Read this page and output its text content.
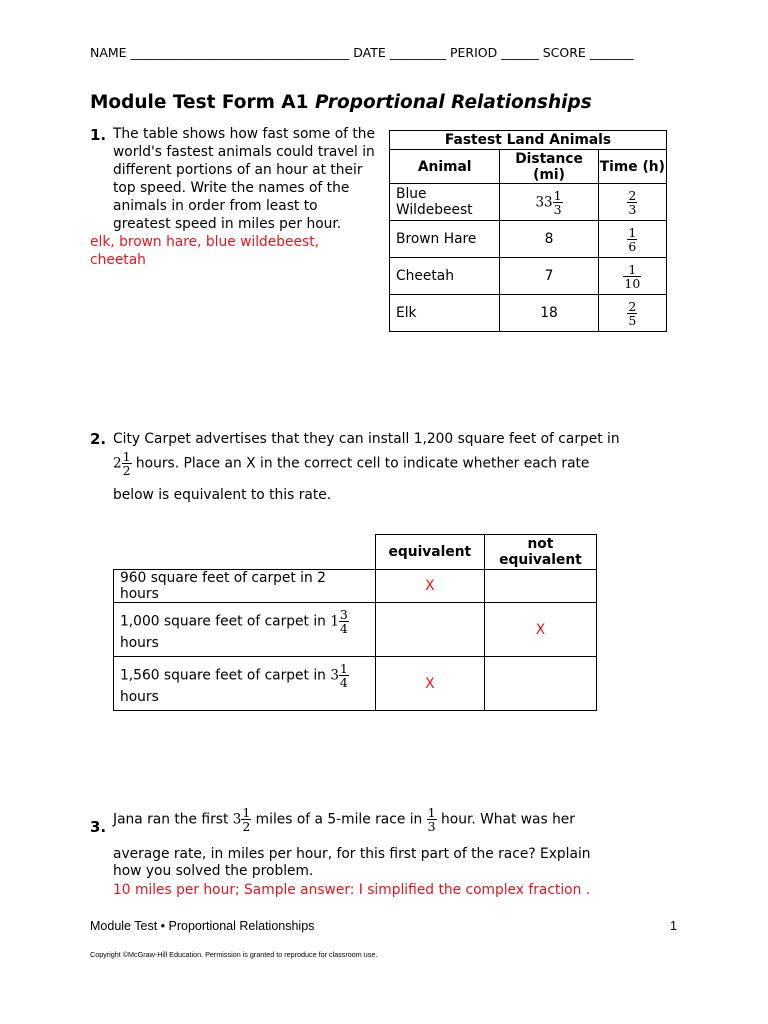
NAME ___________________________________ DATE _________ PERIOD ______ SCORE _______
Module Test Form A1 Proportional Relationships
1. The table shows how fast some of the
world's fastest animals could travel in
different portions of an hour at their
top speed. Write the names of the
animals in order from least to
greatest speed in miles per hour.
elk, brown hare, blue wildebeest,
cheetah
Fastest Land Animals		
Animal	Distance (mi)	Time (h)
Blue Wildebeest	$33 \frac{1}{3}$	$\frac{2}{3}$

Brown Hare	8	$\frac{1}{6}$

Cheetah	7	$\frac{1}{10}$

Elk	18	$\frac{2}{5}$
2. City Carpet advertises that they can install 1,200 square feet of carpet in
$2 \frac{1}{2}$ hours. Place an X in the correct cell to indicate whether each rate
below is equivalent to this rate.
	equivalent	not equivalent

960 square feet of carpet in 2
hours	X	

1,000 square feet of carpet in $1 \frac{3}{4}$
hours		X

1,560 square feet of carpet in $3 \frac{1}{4}$
hours	X	
3. Jana ran the first $3 \frac{1}{2}$ miles of a 5-mile race in $\frac{1}{3}$ hour. What was her
average rate, in miles per hour, for this first part of the race? Explain
how you solved the problem.
10 miles per hour; Sample answer: I simplified the complex fraction .
Module Test • Proportional Relationships	1
Copyright ©McGraw-Hill Education. Permission is granted to reproduce for classroom use.
